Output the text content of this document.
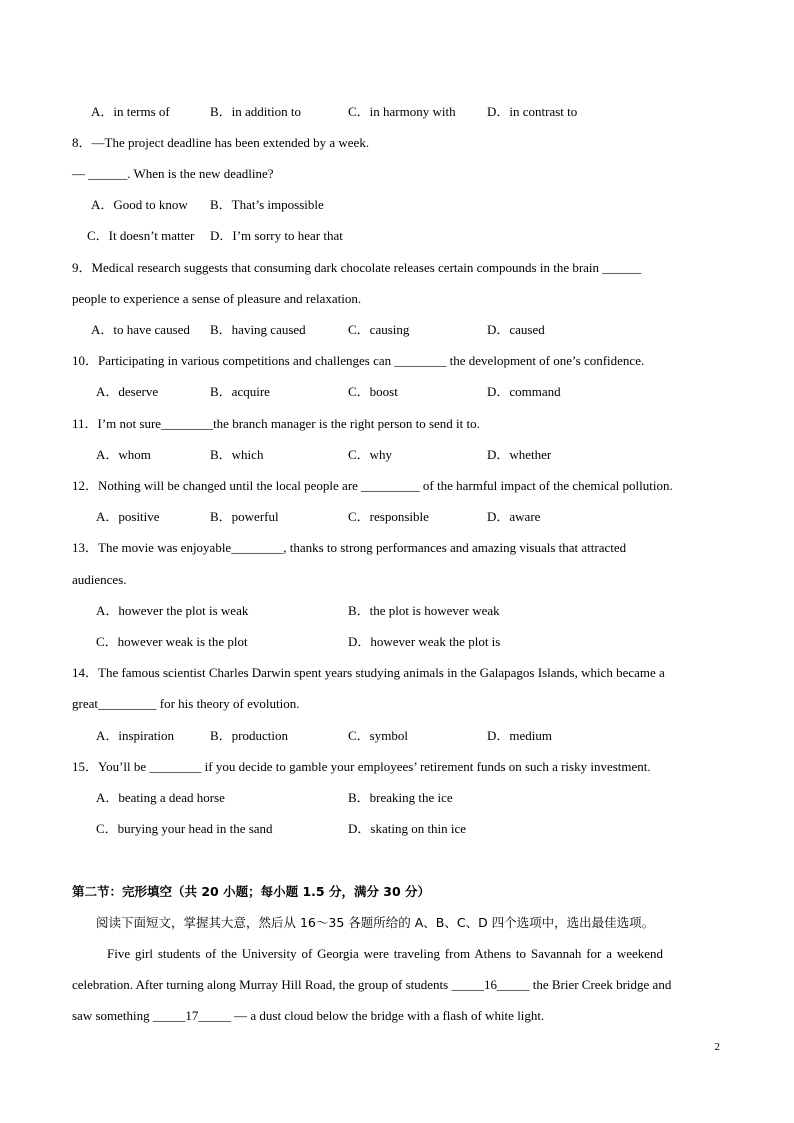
A．in terms of	B．in addition to	C．in harmony with D．in contrast to
8．—The project deadline has been extended by a week.
— ______. When is the new deadline?
A．Good to know B．That’s impossible
C．It doesn’t matter D．I’m sorry to hear that
9．Medical research suggests that consuming dark chocolate releases certain compounds in the brain ______
people to experience a sense of pleasure and relaxation.
A．to have caused B．having caused	C．causing	D．caused
10．Participating in various competitions and challenges can ________ the development of one’s confidence.
A．deserve	B．acquire	C．boost	D．command
11．I’m not sure________the branch manager is the right person to send it to.
A．whom	B．which	C．why	D．whether
12．Nothing will be changed until the local people are _________ of the harmful impact of the chemical pollution.
A．positive	B．powerful	C．responsible	D．aware
13．The movie was enjoyable________, thanks to strong performances and amazing visuals that attracted
audiences.
A．however the plot is weak	B．the plot is however weak
C．however weak is the plot	D．however weak the plot is
14．The famous scientist Charles Darwin spent years studying animals in the Galapagos Islands, which became a
great_________ for his theory of evolution.
A．inspiration	B．production	C．symbol	D．medium
15．You’ll be ________ if you decide to gamble your employees’ retirement funds on such a risky investment.
A．beating a dead horse	B．breaking the ice
C．burying your head in the sand	D．skating on thin ice
第二节：完形填空（共 20 小题；每小题 1.5 分，满分 30 分）
阅读下面短文，掌握其大意，然后从 16～35 各题所给的 A、B、C、D 四个选项中，选出最佳选项。
Five girl students of the University of Georgia were traveling from Athens to Savannah for a weekend
celebration. After turning along Murray Hill Road, the group of students _____16_____ the Brier Creek bridge and
saw something _____17_____ — a dust cloud below the bridge with a flash of white light.
2
